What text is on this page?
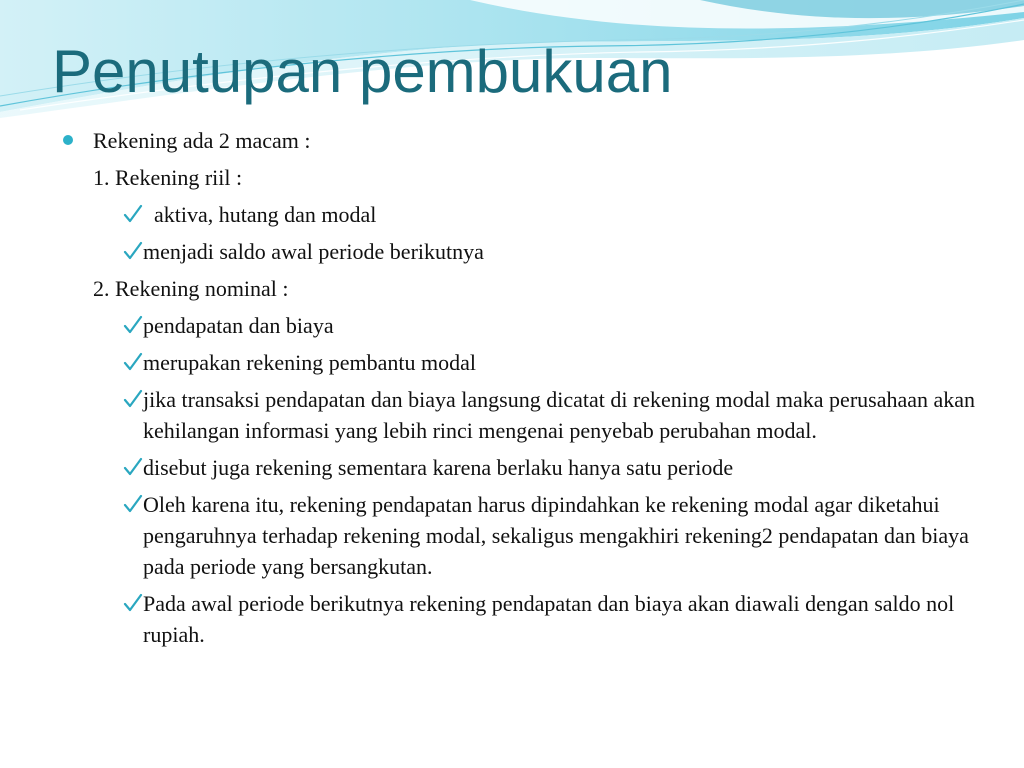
Penutupan pembukuan
Rekening ada 2 macam :
1. Rekening riil :
aktiva, hutang dan modal
menjadi saldo awal periode berikutnya
2. Rekening nominal :
pendapatan dan biaya
merupakan rekening pembantu modal
jika transaksi pendapatan dan biaya langsung dicatat di rekening modal maka perusahaan akan kehilangan informasi yang lebih rinci mengenai penyebab perubahan modal.
disebut juga rekening sementara karena berlaku hanya satu periode
Oleh karena itu, rekening pendapatan harus dipindahkan ke rekening modal agar diketahui pengaruhnya terhadap rekening modal, sekaligus mengakhiri rekening2 pendapatan dan biaya pada periode yang bersangkutan.
Pada awal periode berikutnya rekening pendapatan dan biaya akan diawali dengan saldo nol rupiah.
